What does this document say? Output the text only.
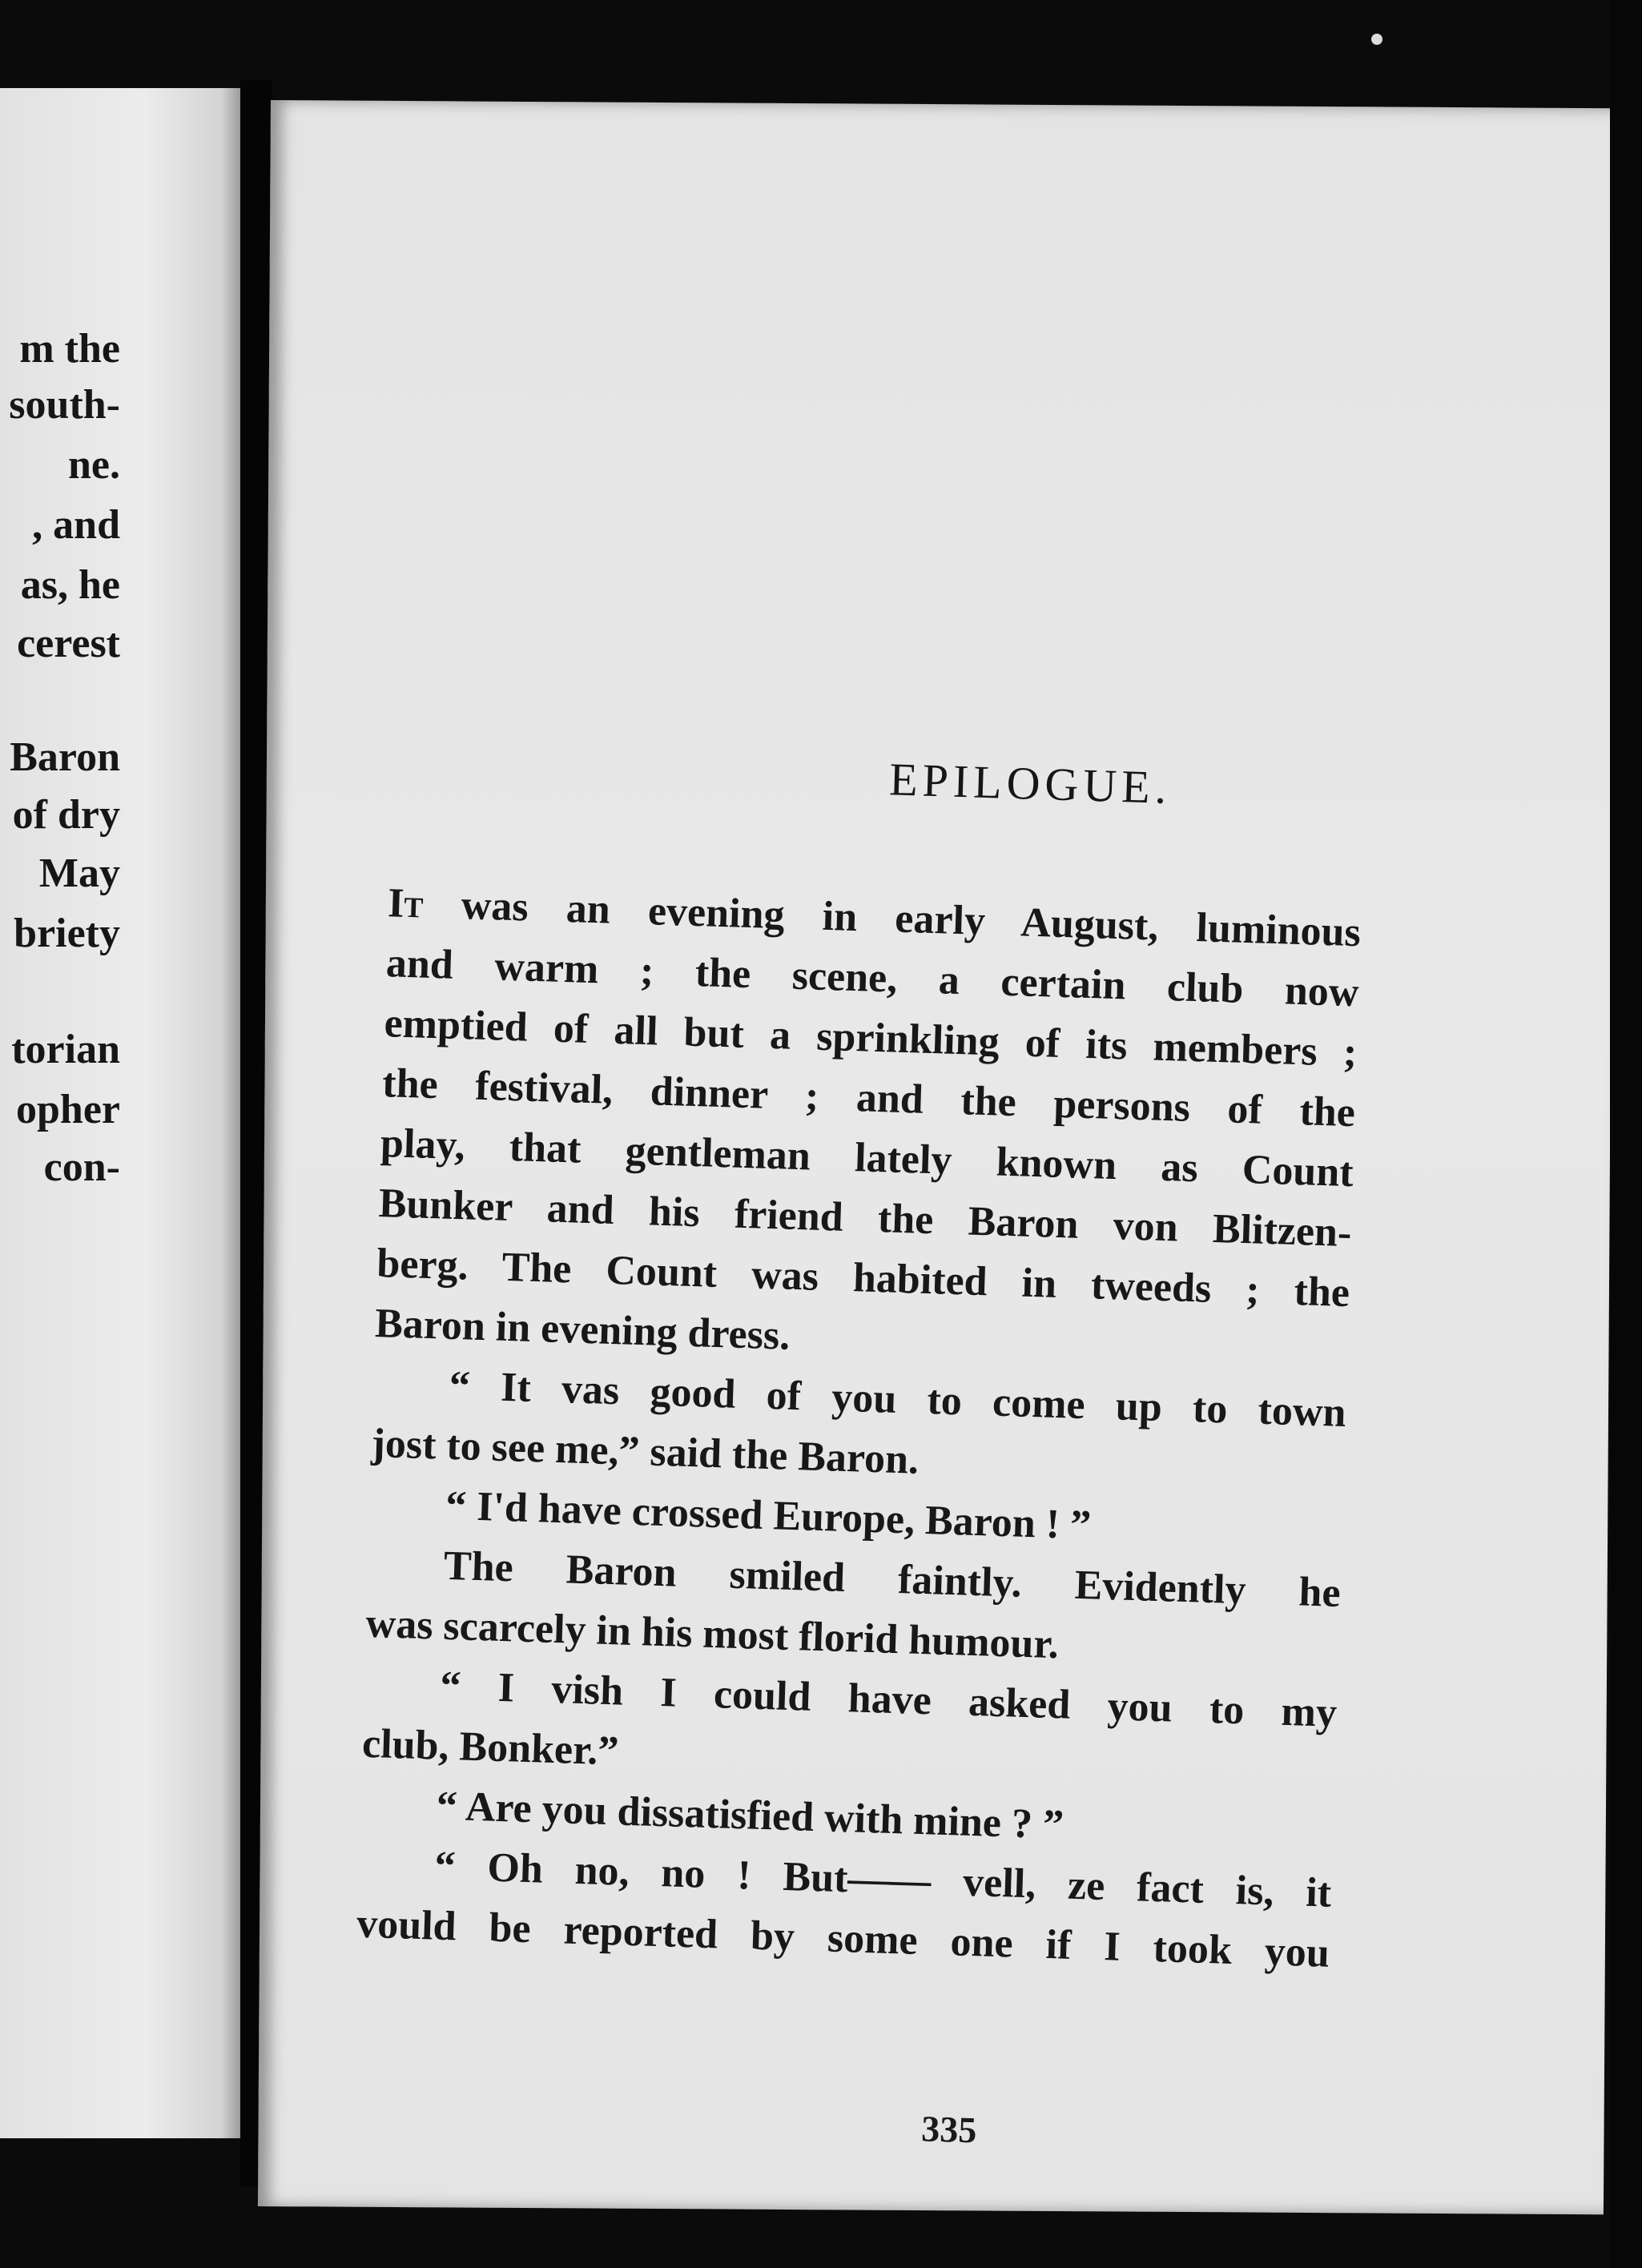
m the
south-
ne.
, and
as, he
cerest
Baron
of dry
May
briety
torian
opher
con-
EPILOGUE.
It was an evening in early August, luminous
and warm ; the scene, a certain club now
emptied of all but a sprinkling of its members ;
the festival, dinner ; and the persons of the
play, that gentleman lately known as Count
Bunker and his friend the Baron von Blitzen-
berg. The Count was habited in tweeds ; the
Baron in evening dress.
“ It vas good of you to come up to town
jost to see me,” said the Baron.
“ I'd have crossed Europe, Baron ! ”
The Baron smiled faintly. Evidently he
was scarcely in his most florid humour.
“ I vish I could have asked you to my
club, Bonker.”
“ Are you dissatisfied with mine ? ”
“ Oh no, no ! But—— vell, ze fact is, it
vould be reported by some one if I took you
335
